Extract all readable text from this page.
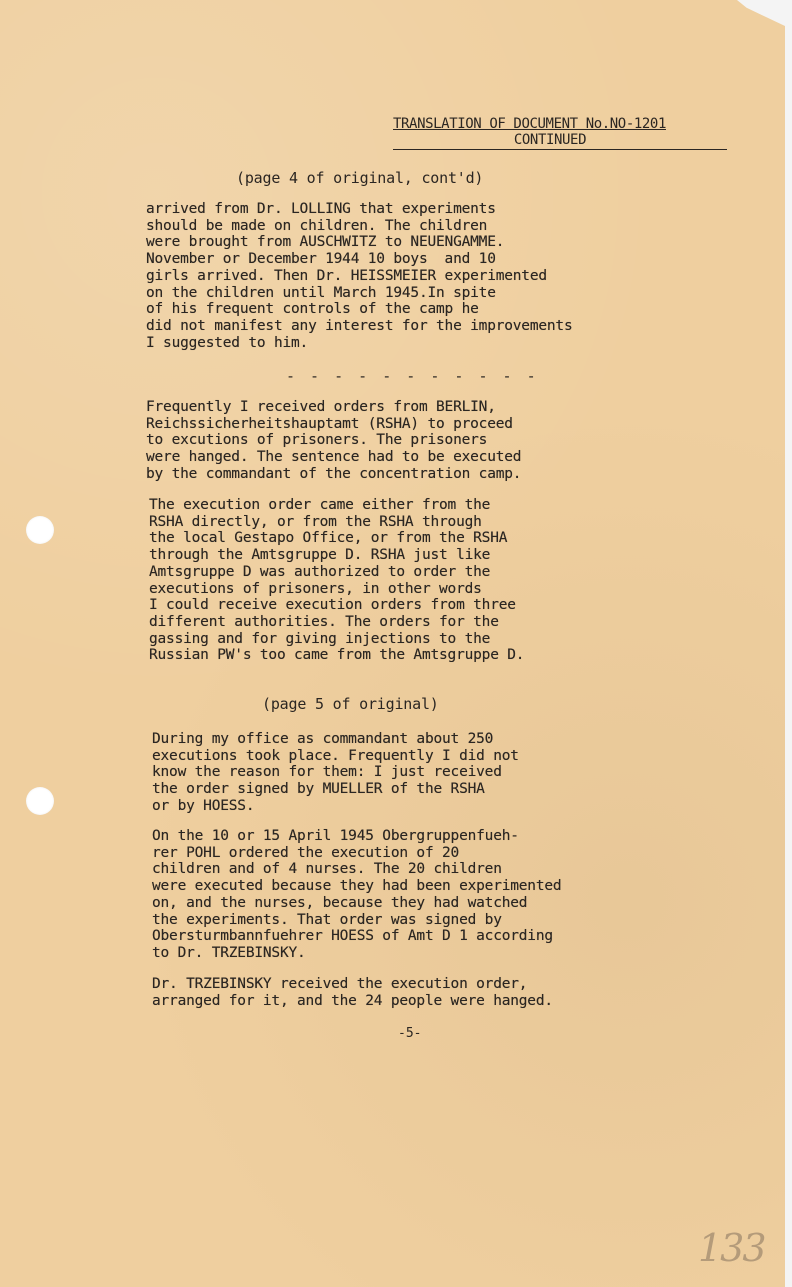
TRANSLATION OF DOCUMENT No.NO-1201
CONTINUED
(page 4 of original, cont'd)
arrived from Dr. LOLLING that experiments
should be made on children. The children
were brought from AUSCHWITZ to NEUENGAMME.
November or December 1944 10 boys  and 10
girls arrived. Then Dr. HEISSMEIER experimented
on the children until March 1945.In spite
of his frequent controls of the camp he
did not manifest any interest for the improvements
I suggested to him.
- - - - - - - - - - -
Frequently I received orders from BERLIN,
Reichssicherheitshauptamt (RSHA) to proceed
to excutions of prisoners. The prisoners
were hanged. The sentence had to be executed
by the commandant of the concentration camp.
The execution order came either from the
RSHA directly, or from the RSHA through
the local Gestapo Office, or from the RSHA
through the Amtsgruppe D. RSHA just like
Amtsgruppe D was authorized to order the
executions of prisoners, in other words
I could receive execution orders from three
different authorities. The orders for the
gassing and for giving injections to the
Russian PW's too came from the Amtsgruppe D.
(page 5 of original)
During my office as commandant about 250
executions took place. Frequently I did not
know the reason for them: I just received
the order signed by MUELLER of the RSHA
or by HOESS.
On the 10 or 15 April 1945 Obergruppenfueh-
rer POHL ordered the execution of 20
children and of 4 nurses. The 20 children
were executed because they had been experimented
on, and the nurses, because they had watched
the experiments. That order was signed by
Obersturmbannfuehrer HOESS of Amt D 1 according
to Dr. TRZEBINSKY.
Dr. TRZEBINSKY received the execution order,
arranged for it, and the 24 people were hanged.
-5-
133
